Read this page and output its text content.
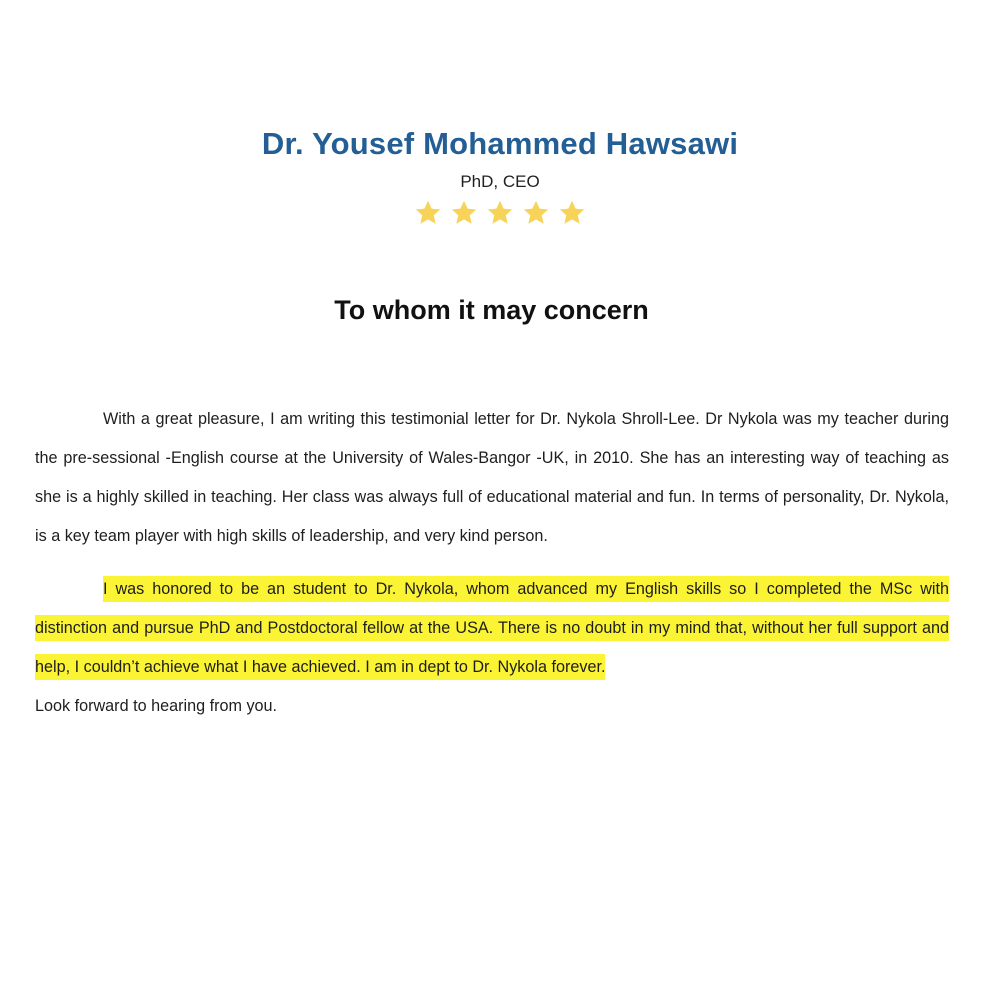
Dr. Yousef Mohammed Hawsawi
PhD, CEO
To whom it may concern

With a great pleasure, I am writing this testimonial letter for Dr. Nykola Shroll-Lee. Dr Nykola was my teacher during the pre-sessional -English course at the University of Wales-Bangor -UK, in 2010. She has an interesting way of teaching as she is a highly skilled in teaching. Her class was always full of educational material and fun. In terms of personality, Dr. Nykola, is a key team player with high skills of leadership, and very kind person.

I was honored to be an student to Dr. Nykola, whom advanced my English skills so I completed the MSc with distinction and pursue PhD and Postdoctoral fellow at the USA. There is no doubt in my mind that, without her full support and help, I couldn’t achieve what I have achieved. I am in dept to Dr. Nykola forever.

Look forward to hearing from you.
